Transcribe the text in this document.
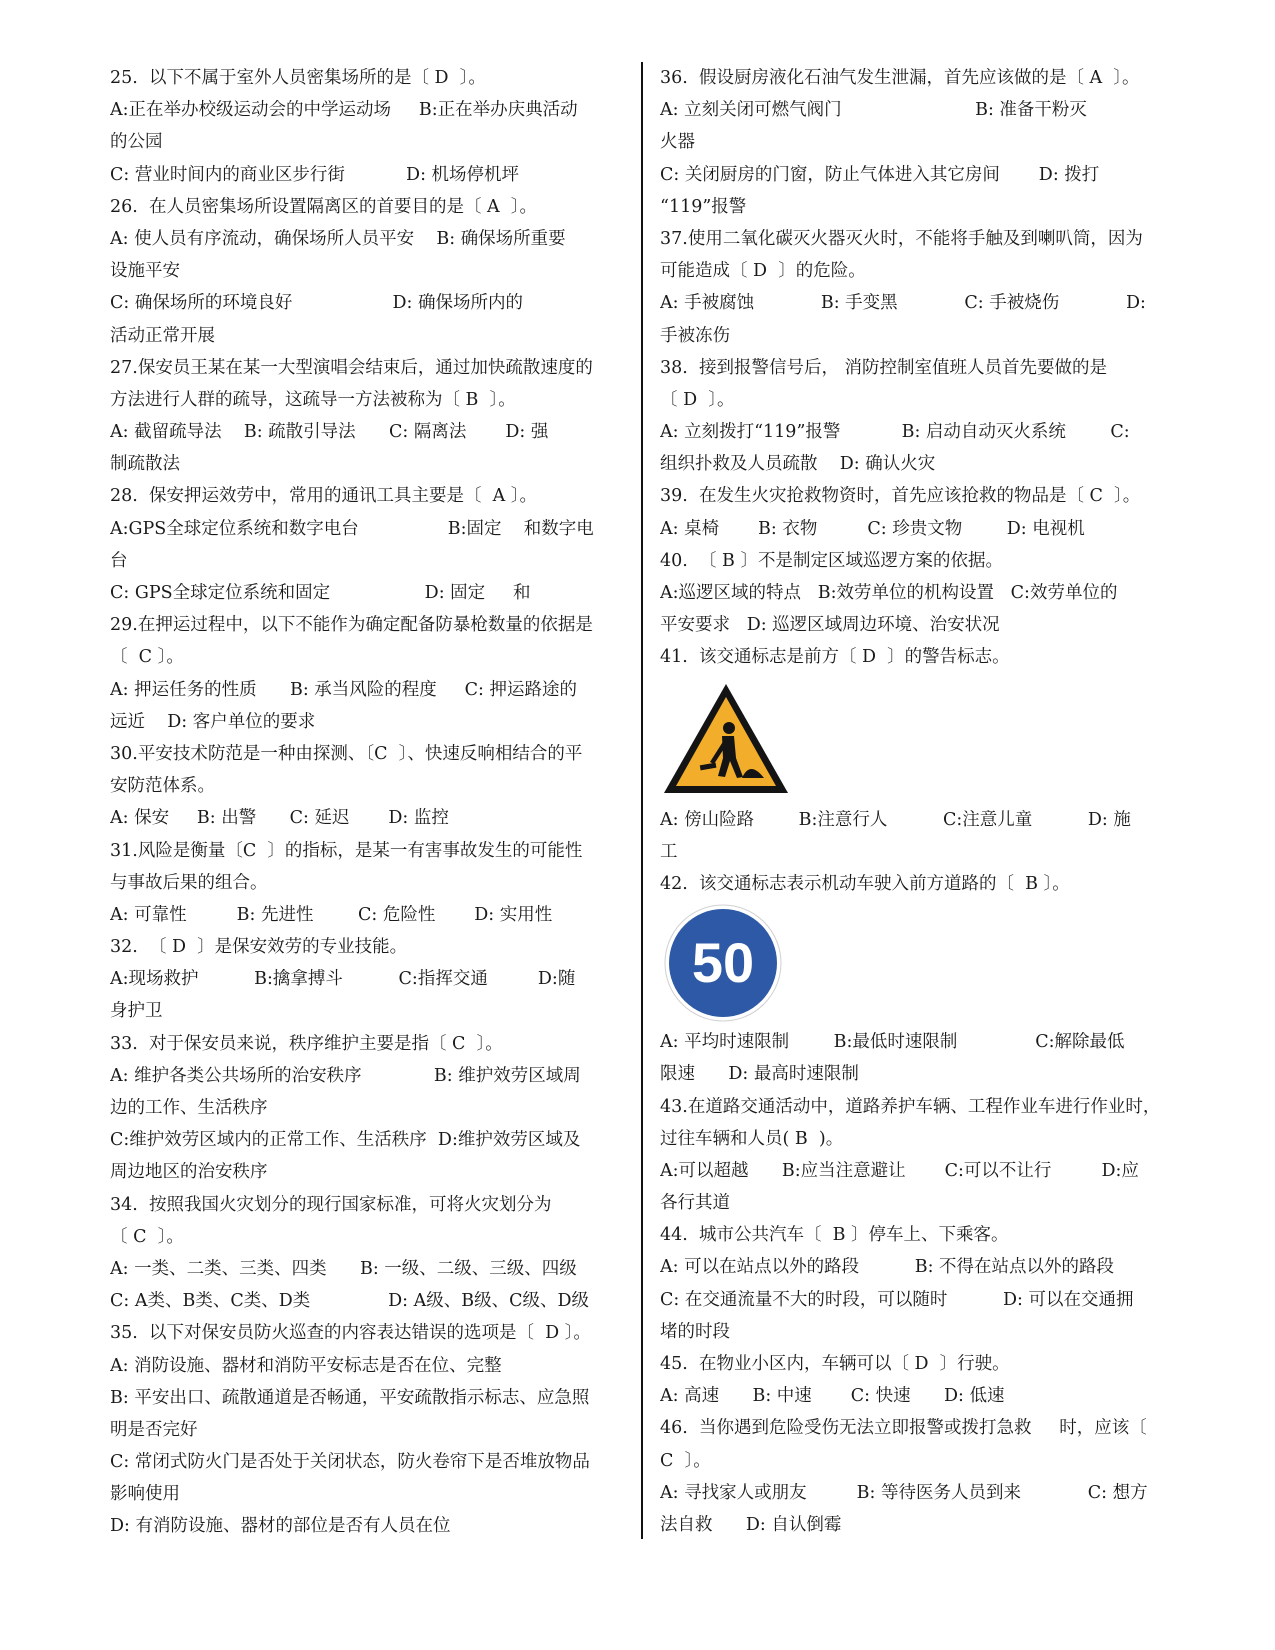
25.  以下不属于室外人员密集场所的是〔 D  〕。
A:正在举办校级运动会的中学运动场     B:正在举办庆典活动
的公园
C: 营业时间内的商业区步行街           D: 机场停机坪
26.  在人员密集场所设置隔离区的首要目的是〔 A  〕。
A: 使人员有序流动，确保场所人员平安    B: 确保场所重要
设施平安
C: 确保场所的环境良好                  D: 确保场所内的
活动正常开展
27.保安员王某在某一大型演唱会结束后，通过加快疏散速度的
方法进行人群的疏导，这疏导一方法被称为〔 B  〕。
A: 截留疏导法    B: 疏散引导法      C: 隔离法       D: 强
制疏散法
28.  保安押运效劳中，常用的通讯工具主要是〔  A 〕。
A:GPS全球定位系统和数字电台                B:固定    和数字电
台
C: GPS全球定位系统和固定                 D: 固定     和
29.在押运过程中，以下不能作为确定配备防暴枪数量的依据是
〔  C 〕。
A: 押运任务的性质      B: 承当风险的程度     C: 押运路途的
远近    D: 客户单位的要求
30.平安技术防范是一种由探测、〔C  〕、快速反响相结合的平
安防范体系。
A: 保安     B: 出警      C: 延迟       D: 监控
31.风险是衡量〔C  〕的指标，是某一有害事故发生的可能性
与事故后果的组合。
A: 可靠性         B: 先进性        C: 危险性       D: 实用性
32.  〔 D  〕是保安效劳的专业技能。
A:现场救护          B:擒拿搏斗          C:指挥交通         D:随
身护卫
33.  对于保安员来说，秩序维护主要是指〔 C  〕。
A: 维护各类公共场所的治安秩序             B: 维护效劳区域周
边的工作、生活秩序
C:维护效劳区域内的正常工作、生活秩序  D:维护效劳区域及
周边地区的治安秩序
34.  按照我国火灾划分的现行国家标准，可将火灾划分为
〔 C  〕。
A: 一类、二类、三类、四类      B: 一级、二级、三级、四级
C: A类、B类、C类、D类              D: A级、B级、C级、D级
35.  以下对保安员防火巡查的内容表达错误的选项是〔  D 〕。
A: 消防设施、器材和消防平安标志是否在位、完整
B: 平安出口、疏散通道是否畅通，平安疏散指示标志、应急照
明是否完好
C: 常闭式防火门是否处于关闭状态，防火卷帘下是否堆放物品
影响使用
D: 有消防设施、器材的部位是否有人员在位
36.  假设厨房液化石油气发生泄漏，首先应该做的是〔 A  〕。
A: 立刻关闭可燃气阀门                        B: 准备干粉灭
火器
C: 关闭厨房的门窗，防止气体进入其它房间       D: 拨打
“119”报警
37.使用二氧化碳灭火器灭火时，不能将手触及到喇叭筒，因为
可能造成〔 D  〕的危险。
A: 手被腐蚀            B: 手变黑            C: 手被烧伤            D:
手被冻伤
38.  接到报警信号后， 消防控制室值班人员首先要做的是
〔 D  〕。
A: 立刻拨打“119”报警           B: 启动自动灭火系统        C:
组织扑救及人员疏散    D: 确认火灾
39.  在发生火灾抢救物资时，首先应该抢救的物品是〔 C  〕。
A: 桌椅       B: 衣物         C: 珍贵文物        D: 电视机
40.  〔 B 〕不是制定区域巡逻方案的依据。
A:巡逻区域的特点   B:效劳单位的机构设置   C:效劳单位的
平安要求   D: 巡逻区域周边环境、治安状况
41.  该交通标志是前方〔 D  〕的警告标志。
A: 傍山险路        B:注意行人          C:注意儿童          D: 施
工
42.  该交通标志表示机动车驶入前方道路的〔  B 〕。
50
A: 平均时速限制        B:最低时速限制              C:解除最低
限速      D: 最高时速限制
43.在道路交通活动中，道路养护车辆、工程作业车进行作业时，
过往车辆和人员( B  )。
A:可以超越      B:应当注意避让       C:可以不让行         D:应
各行其道
44.  城市公共汽车〔  B 〕停车上、下乘客。
A: 可以在站点以外的路段          B: 不得在站点以外的路段
C: 在交通流量不大的时段，可以随时          D: 可以在交通拥
堵的时段
45.  在物业小区内，车辆可以〔 D  〕行驶。
A: 高速      B: 中速       C: 快速      D: 低速
46.  当你遇到危险受伤无法立即报警或拨打急救     时，应该〔
C  〕。
A: 寻找家人或朋友         B: 等待医务人员到来            C: 想方
法自救      D: 自认倒霉
